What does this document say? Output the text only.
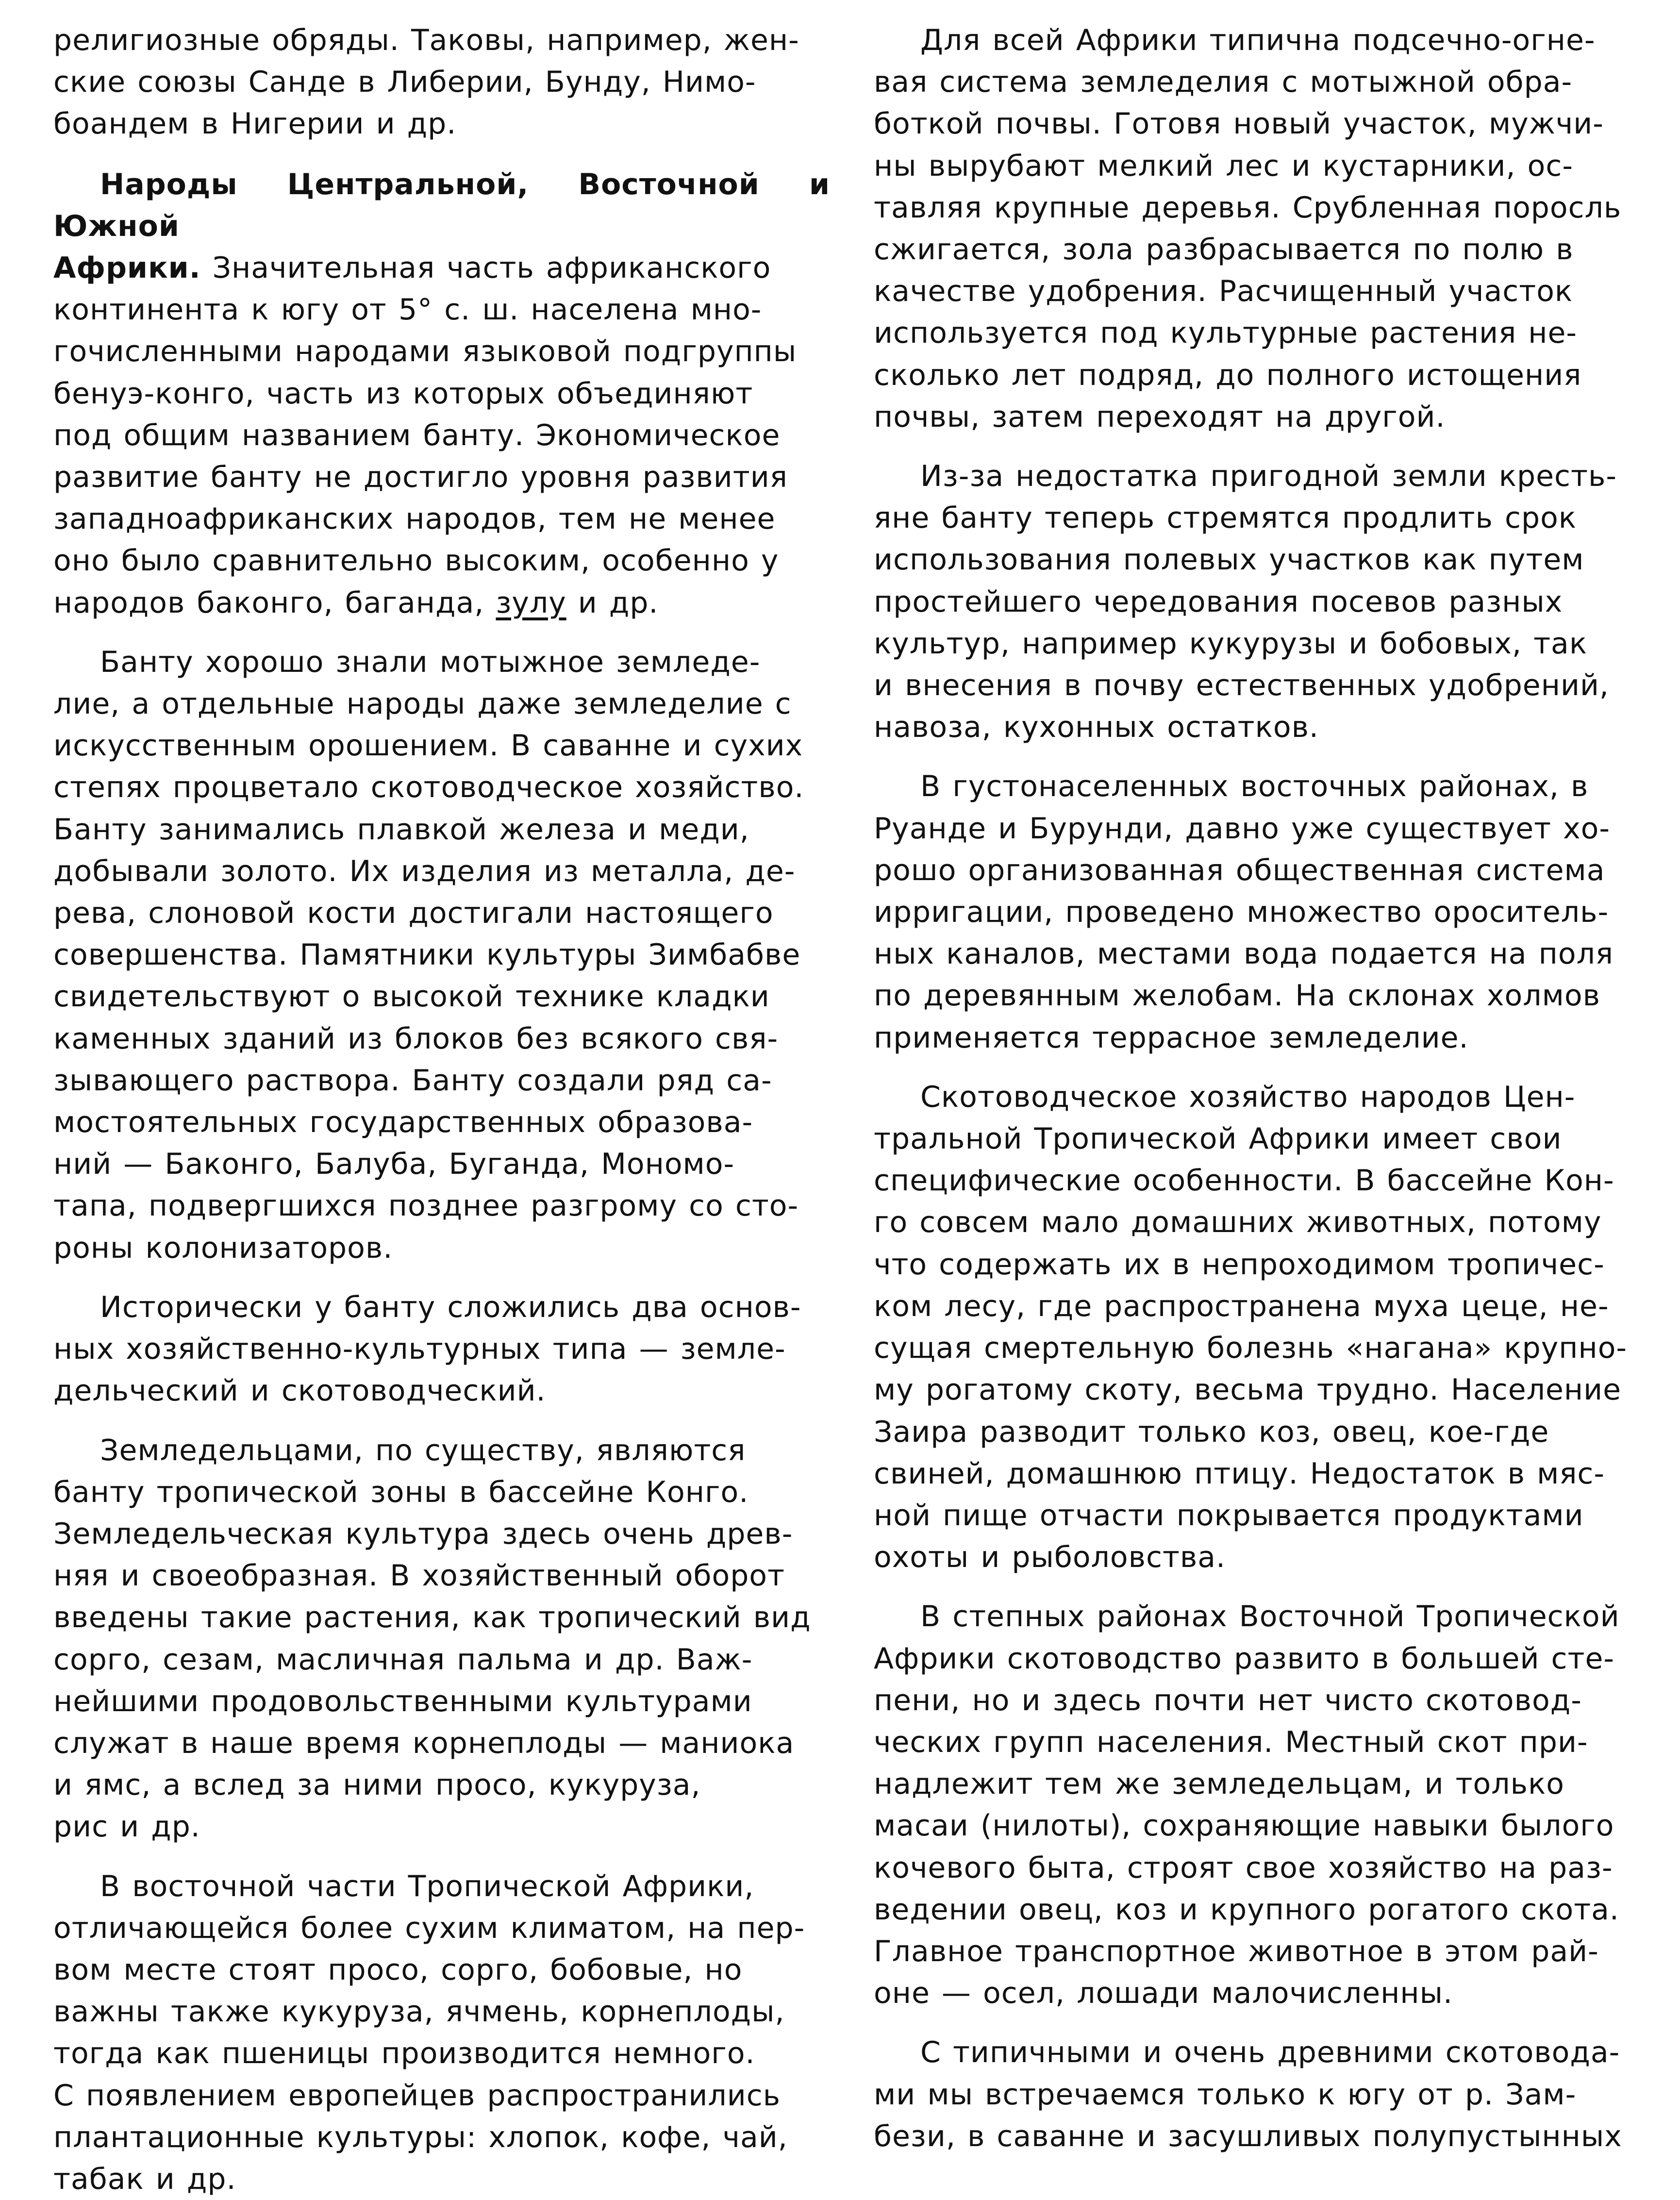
религиозные обряды. Таковы, например, жен-
ские союзы Санде в Либерии, Бунду, Нимо-
боандем в Нигерии и др.

Народы Центральной, Восточной и Южной
Африки. Значительная часть африканского
континента к югу от 5° с. ш. населена мно-
гочисленными народами языковой подгруппы
бенуэ-конго, часть из которых объединяют
под общим названием банту. Экономическое
развитие банту не достигло уровня развития
западноафриканских народов, тем не менее
оно было сравнительно высоким, особенно у
народов баконго, баганда, зулу и др.

Банту хорошо знали мотыжное земледе-
лие, а отдельные народы даже земледелие с
искусственным орошением. В саванне и сухих
степях процветало скотоводческое хозяйство.
Банту занимались плавкой железа и меди,
добывали золото. Их изделия из металла, де-
рева, слоновой кости достигали настоящего
совершенства. Памятники культуры Зимбабве
свидетельствуют о высокой технике кладки
каменных зданий из блоков без всякого свя-
зывающего раствора. Банту создали ряд са-
мостоятельных государственных образова-
ний — Баконго, Балуба, Буганда, Мономо-
тапа, подвергшихся позднее разгрому со сто-
роны колонизаторов.

Исторически у банту сложились два основ-
ных хозяйственно-культурных типа — земле-
дельческий и скотоводческий.

Земледельцами, по существу, являются
банту тропической зоны в бассейне Конго.
Земледельческая культура здесь очень древ-
няя и своеобразная. В хозяйственный оборот
введены такие растения, как тропический вид
сорго, сезам, масличная пальма и др. Важ-
нейшими продовольственными культурами
служат в наше время корнеплоды — маниока
и ямс, а вслед за ними просо, кукуруза,
рис и др.

В восточной части Тропической Африки,
отличающейся более сухим климатом, на пер-
вом месте стоят просо, сорго, бобовые, но
важны также кукуруза, ячмень, корнеплоды,
тогда как пшеницы производится немного.
С появлением европейцев распространились
плантационные культуры: хлопок, кофе, чай,
табак и др.

Для всей Африки типична подсечно-огне-
вая система земледелия с мотыжной обра-
боткой почвы. Готовя новый участок, мужчи-
ны вырубают мелкий лес и кустарники, ос-
тавляя крупные деревья. Срубленная поросль
сжигается, зола разбрасывается по полю в
качестве удобрения. Расчищенный участок
используется под культурные растения не-
сколько лет подряд, до полного истощения
почвы, затем переходят на другой.

Из-за недостатка пригодной земли кресть-
яне банту теперь стремятся продлить срок
использования полевых участков как путем
простейшего чередования посевов разных
культур, например кукурузы и бобовых, так
и внесения в почву естественных удобрений,
навоза, кухонных остатков.

В густонаселенных восточных районах, в
Руанде и Бурунди, давно уже существует хо-
рошо организованная общественная система
ирригации, проведено множество ороситель-
ных каналов, местами вода подается на поля
по деревянным желобам. На склонах холмов
применяется террасное земледелие.

Скотоводческое хозяйство народов Цен-
тральной Тропической Африки имеет свои
специфические особенности. В бассейне Кон-
го совсем мало домашних животных, потому
что содержать их в непроходимом тропичес-
ком лесу, где распространена муха цеце, не-
сущая смертельную болезнь «нагана» крупно-
му рогатому скоту, весьма трудно. Население
Заира разводит только коз, овец, кое-где
свиней, домашнюю птицу. Недостаток в мяс-
ной пище отчасти покрывается продуктами
охоты и рыболовства.

В степных районах Восточной Тропической
Африки скотоводство развито в большей сте-
пени, но и здесь почти нет чисто скотовод-
ческих групп населения. Местный скот при-
надлежит тем же земледельцам, и только
масаи (нилоты), сохраняющие навыки былого
кочевого быта, строят свое хозяйство на раз-
ведении овец, коз и крупного рогатого скота.
Главное транспортное животное в этом рай-
оне — осел, лошади малочисленны.

С типичными и очень древними скотовода-
ми мы встречаемся только к югу от р. Зам-
бези, в саванне и засушливых полупустынных
